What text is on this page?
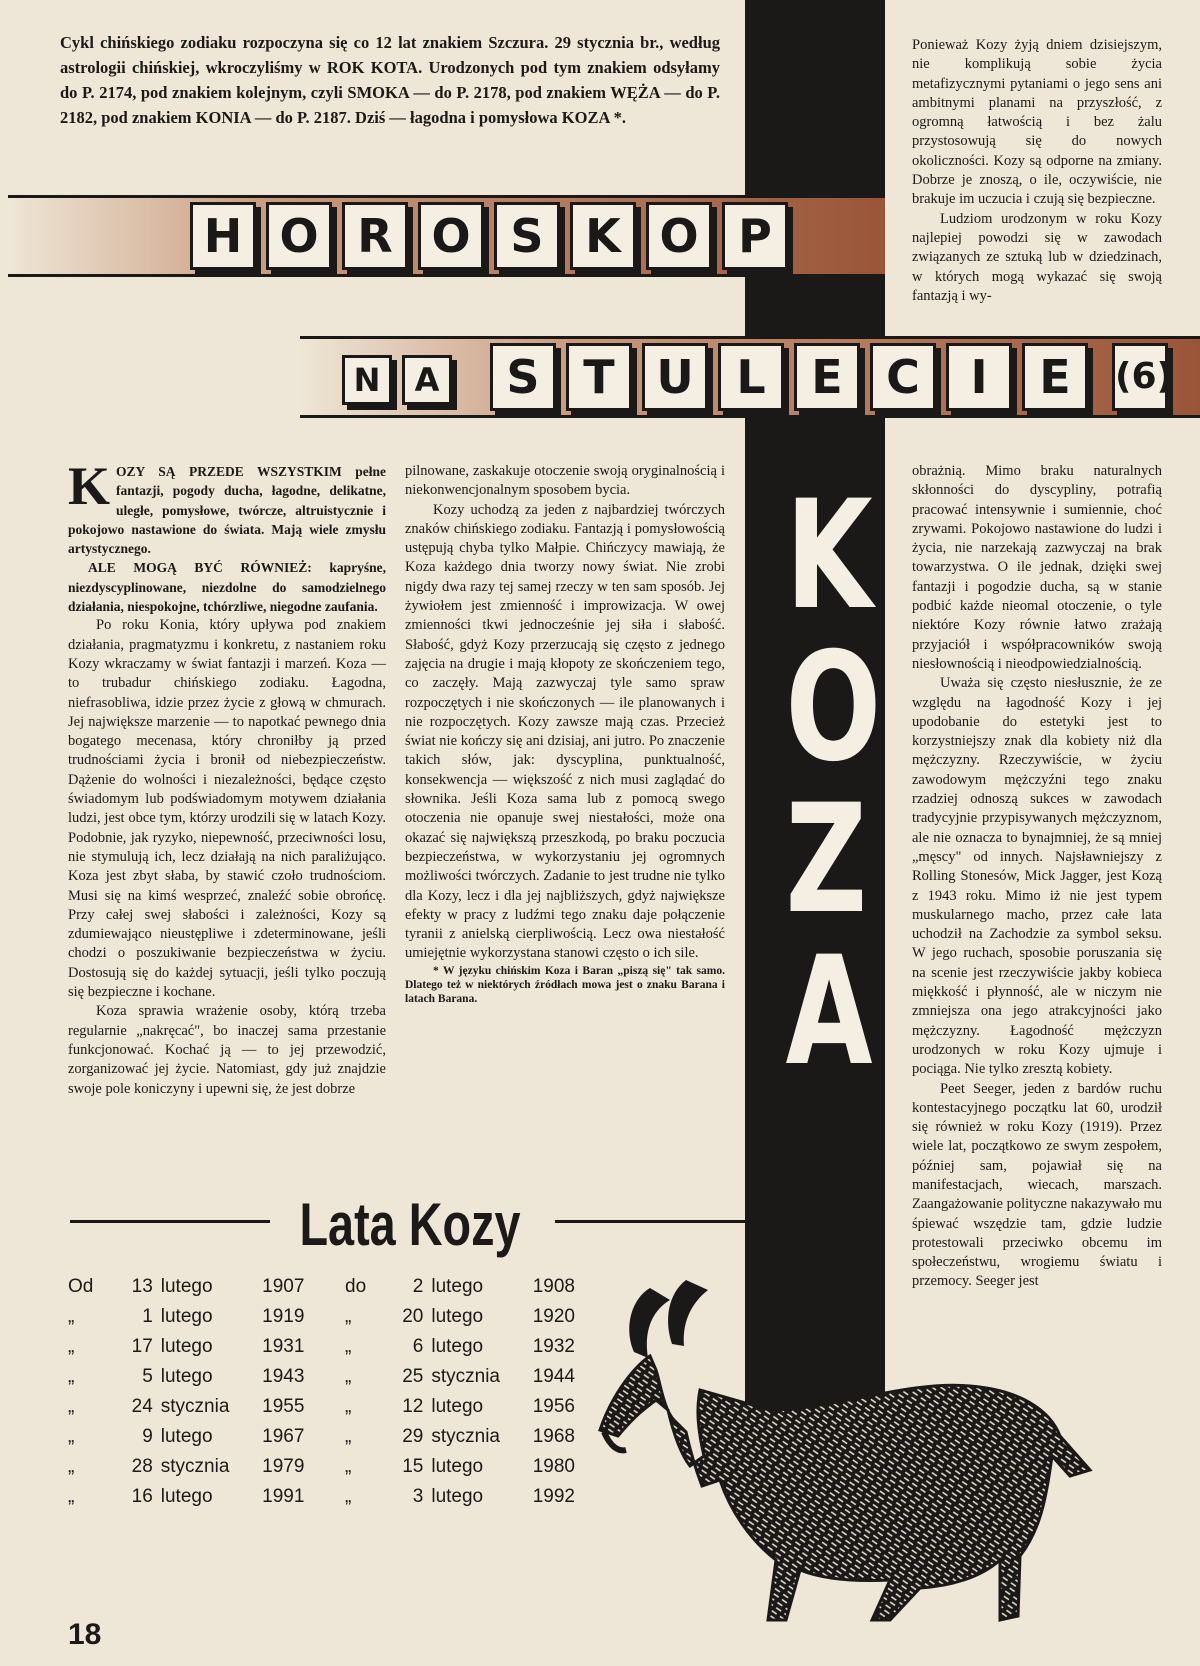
Cykl chińskiego zodiaku rozpoczyna się co 12 lat znakiem Szczura. 29 stycznia br., według astrologii chińskiej, wkroczyliśmy w ROK KOTA. Urodzonych pod tym znakiem odsyłamy do P. 2174, pod znakiem kolejnym, czyli SMOKA — do P. 2178, pod znakiem WĘŻA — do P. 2182, pod znakiem KONIA — do P. 2187. Dziś — łagodna i pomysłowa KOZA *.

Ponieważ Kozy żyją dniem dzisiejszym, nie komplikują sobie życia metafizycznymi pytaniami o jego sens ani ambitnymi planami na przyszłość, z ogromną łatwością i bez żalu przystosowują się do nowych okoliczności. Kozy są odporne na zmiany. Dobrze je znoszą, o ile, oczywiście, nie brakuje im uczucia i czują się bezpieczne.

Ludziom urodzonym w roku Kozy najlepiej powodzi się w zawodach związanych ze sztuką lub w dziedzinach, w których mogą wykazać się swoją fantazją i wy-

H O R O S K O P
N	A	S T U L E C	I	E	(6)
K
O
Z
A
K OZY SĄ PRZEDE WSZYSTKIM pełne fantazji, pogody ducha, łagodne, delikatne, uległe, pomysłowe, twórcze, altruistycznie i pokojowo nastawione do świata. Mają wiele zmysłu artystycznego.

ALE MOGĄ BYĆ RÓWNIEŻ: kapryśne, niezdyscyplinowane, niezdolne do samodzielnego działania, niespokojne, tchórzliwe, niegodne zaufania.

Po roku Konia, który upływa pod znakiem działania, pragmatyzmu i konkretu, z nastaniem roku Kozy wkraczamy w świat fantazji i marzeń. Koza — to trubadur chińskiego zodiaku. Łagodna, niefrasobliwa, idzie przez życie z głową w chmurach. Jej największe marzenie — to napotkać pewnego dnia bogatego mecenasa, który chroniłby ją przed trudnościami życia i bronił od niebezpieczeństw. Dążenie do wolności i niezależności, będące często świadomym lub podświadomym motywem działania ludzi, jest obce tym, którzy urodzili się w latach Kozy. Podobnie, jak ryzyko, niepewność, przeciwności losu, nie stymulują ich, lecz działają na nich paraliżująco. Koza jest zbyt słaba, by stawić czoło trudnościom. Musi się na kimś wesprzeć, znaleźć sobie obrońcę. Przy całej swej słabości i zależności, Kozy są zdumiewająco nieustępliwe i zdeterminowane, jeśli chodzi o poszukiwanie bezpieczeństwa w życiu. Dostosują się do każdej sytuacji, jeśli tylko poczują się bezpieczne i kochane.

Koza sprawia wrażenie osoby, którą trzeba regularnie „nakręcać", bo inaczej sama przestanie funkcjonować. Kochać ją — to jej przewodzić, zorganizować jej życie. Natomiast, gdy już znajdzie swoje pole koniczyny i upewni się, że jest dobrze

pilnowane, zaskakuje otoczenie swoją oryginalnością i niekonwencjonalnym sposobem bycia.

Kozy uchodzą za jeden z najbardziej twórczych znaków chińskiego zodiaku. Fantazją i pomysłowością ustępują chyba tylko Małpie. Chińczycy mawiają, że Koza każdego dnia tworzy nowy świat. Nie zrobi nigdy dwa razy tej samej rzeczy w ten sam sposób. Jej żywiołem jest zmienność i improwizacja. W owej zmienności tkwi jednocześnie jej siła i słabość. Słabość, gdyż Kozy przerzucają się często z jednego zajęcia na drugie i mają kłopoty ze skończeniem tego, co zaczęły. Mają zazwyczaj tyle samo spraw rozpoczętych i nie skończonych — ile planowanych i nie rozpoczętych. Kozy zawsze mają czas. Przecież świat nie kończy się ani dzisiaj, ani jutro. Po znaczenie takich słów, jak: dyscyplina, punktualność, konsekwencja — większość z nich musi zaglądać do słownika. Jeśli Koza sama lub z pomocą swego otoczenia nie opanuje swej niestałości, może ona okazać się największą przeszkodą, po braku poczucia bezpieczeństwa, w wykorzystaniu jej ogromnych możliwości twórczych. Zadanie to jest trudne nie tylko dla Kozy, lecz i dla jej najbliższych, gdyż największe efekty w pracy z ludźmi tego znaku daje połączenie tyranii z anielską cierpliwością. Lecz owa niestałość umiejętnie wykorzystana stanowi często o ich sile.

* W języku chińskim Koza i Baran „piszą się" tak samo. Dlatego też w niektórych źródłach mowa jest o znaku Barana i latach Barana.

obrażnią. Mimo braku naturalnych skłonności do dyscypliny, potrafią pracować intensywnie i sumiennie, choć zrywami. Pokojowo nastawione do ludzi i życia, nie narzekają zazwyczaj na brak towarzystwa. O ile jednak, dzięki swej fantazji i pogodzie ducha, są w stanie podbić każde nieomal otoczenie, o tyle niektóre Kozy równie łatwo zrażają przyjaciół i współpracowników swoją niesłownością i nieodpowiedzialnością.

Uważa się często niesłusznie, że ze względu na łagodność Kozy i jej upodobanie do estetyki jest to korzystniejszy znak dla kobiety niż dla mężczyzny. Rzeczywiście, w życiu zawodowym mężczyźni tego znaku rzadziej odnoszą sukces w zawodach tradycyjnie przypisywanych mężczyznom, ale nie oznacza to bynajmniej, że są mniej „męscy" od innych. Najsławniejszy z Rolling Stonesów, Mick Jagger, jest Kozą z 1943 roku. Mimo iż nie jest typem muskularnego macho, przez całe lata uchodził na Zachodzie za symbol seksu. W jego ruchach, sposobie poruszania się na scenie jest rzeczywiście jakby kobieca miękkość i płynność, ale w niczym nie zmniejsza ona jego atrakcyjności jako mężczyzny. Łagodność mężczyzn urodzonych w roku Kozy ujmuje i pociąga. Nie tylko zresztą kobiety.

Peet Seeger, jeden z bardów ruchu kontestacyjnego początku lat 60, urodził się również w roku Kozy (1919). Przez wiele lat, początkowo ze swym zespołem, później sam, pojawiał się na manifestacjach, wiecach, marszach. Zaangażowanie polityczne nakazywało mu śpiewać wszędzie tam, gdzie ludzie protestowali przeciwko obcemu im społeczeństwu, wrogiemu światu i przemocy. Seeger jest

Lata Kozy
Od	13 lutego	1907	do	2 lutego	1908
„	1 lutego	1919	„	20 lutego	1920
„	17 lutego	1931	„	6 lutego	1932
„	5 lutego	1943	„	25 stycznia	1944
„	24 stycznia	1955	„	12 lutego	1956
„	9 lutego	1967	„	29 stycznia	1968
„	28 stycznia	1979	„	15 lutego	1980
„	16 lutego	1991	„	3 lutego	1992
18
